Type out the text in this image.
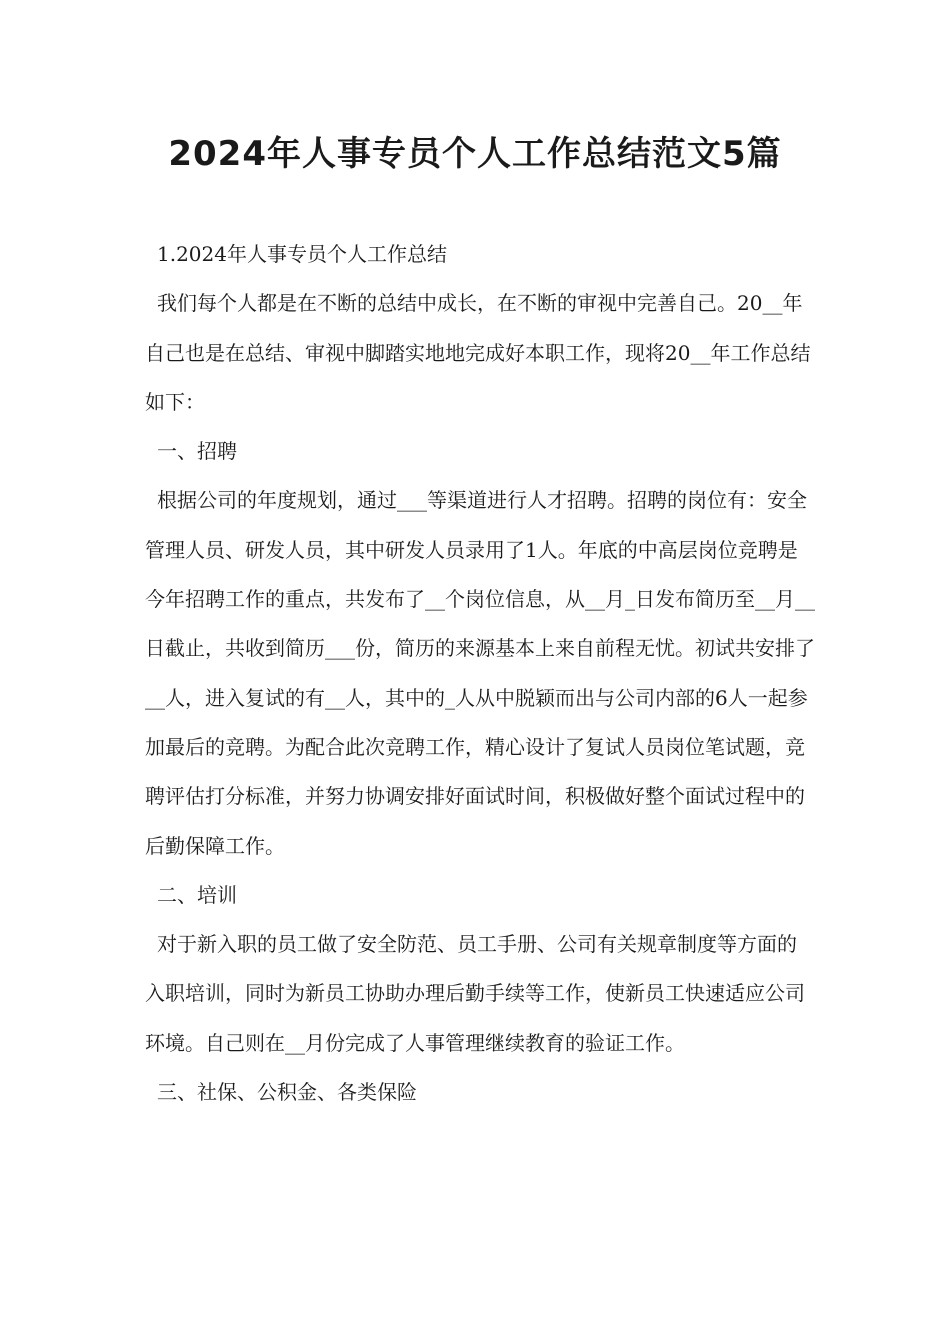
2024年人事专员个人工作总结范文5篇

1.2024年人事专员个人工作总结

我们每个人都是在不断的总结中成长，在不断的审视中完善自己。20__年自己也是在总结、审视中脚踏实地地完成好本职工作，现将20__年工作总结如下：

一、招聘

根据公司的年度规划，通过___等渠道进行人才招聘。招聘的岗位有：安全管理人员、研发人员，其中研发人员录用了1人。年底的中高层岗位竞聘是今年招聘工作的重点，共发布了__个岗位信息，从__月_日发布简历至__月__日截止，共收到简历___份，简历的来源基本上来自前程无忧。初试共安排了__人，进入复试的有__人，其中的_人从中脱颖而出与公司内部的6人一起参加最后的竞聘。为配合此次竞聘工作，精心设计了复试人员岗位笔试题，竞聘评估打分标准，并努力协调安排好面试时间，积极做好整个面试过程中的后勤保障工作。

二、培训

对于新入职的员工做了安全防范、员工手册、公司有关规章制度等方面的入职培训，同时为新员工协助办理后勤手续等工作，使新员工快速适应公司环境。自己则在__月份完成了人事管理继续教育的验证工作。

三、社保、公积金、各类保险
